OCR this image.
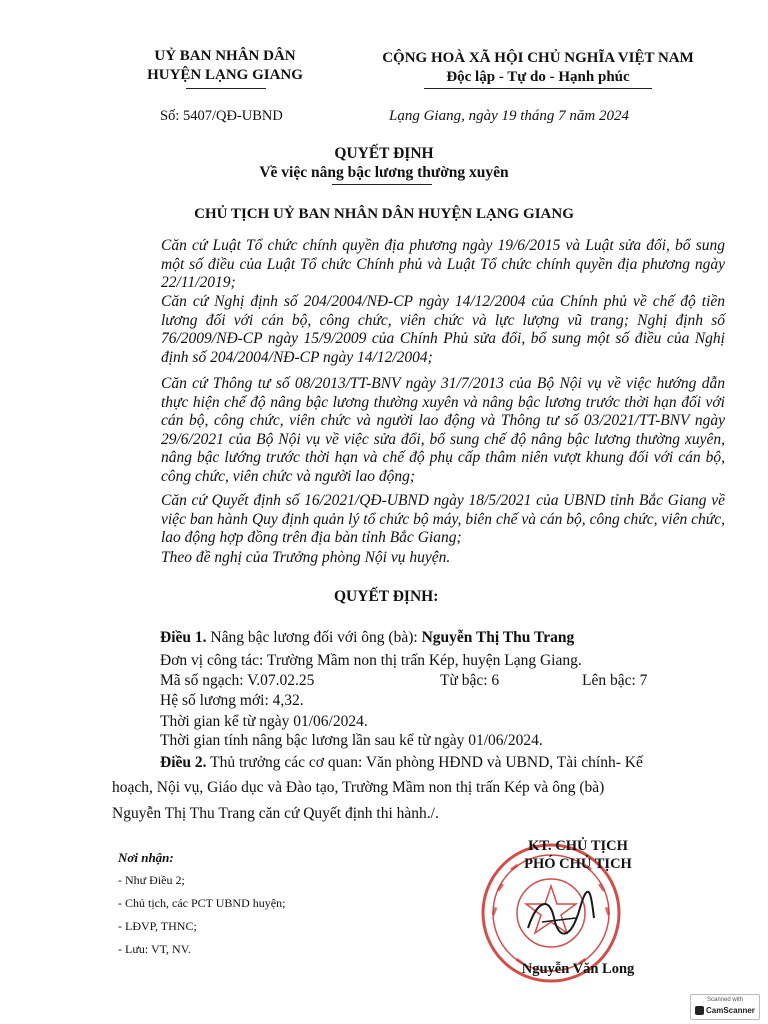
UỶ BAN NHÂN DÂN
HUYỆN LẠNG GIANG
CỘNG HOÀ XÃ HỘI CHỦ NGHĨA VIỆT NAM
Độc lập - Tự do - Hạnh phúc
Số: 5407/QĐ-UBND	Lạng Giang, ngày 19 tháng 7 năm 2024
QUYẾT ĐỊNH
Về việc nâng bậc lương thường xuyên
CHỦ TỊCH UỶ BAN NHÂN DÂN HUYỆN LẠNG GIANG
Căn cứ Luật Tổ chức chính quyền địa phương ngày 19/6/2015 và Luật sửa đổi, bổ sung một số điều của Luật Tổ chức Chính phủ và Luật Tổ chức chính quyền địa phương ngày 22/11/2019;
Căn cứ Nghị định số 204/2004/NĐ-CP ngày 14/12/2004 của Chính phủ về chế độ tiền lương đối với cán bộ, công chức, viên chức và lực lượng vũ trang; Nghị định số 76/2009/NĐ-CP ngày 15/9/2009 của Chính Phủ sửa đổi, bổ sung một số điều của Nghị định số 204/2004/NĐ-CP ngày 14/12/2004;
Căn cứ Thông tư số 08/2013/TT-BNV ngày 31/7/2013 của Bộ Nội vụ về việc hướng dẫn thực hiện chế độ nâng bậc lương thường xuyên và nâng bậc lương trước thời hạn đối với cán bộ, công chức, viên chức và người lao động và Thông tư số 03/2021/TT-BNV ngày 29/6/2021 của Bộ Nội vụ về việc sửa đổi, bổ sung chế độ nâng bậc lương thường xuyên, nâng bậc lướng trước thời hạn và chế độ phụ cấp thâm niên vượt khung đối với cán bộ, công chức, viên chức và người lao động;
Căn cứ Quyết định số 16/2021/QĐ-UBND ngày 18/5/2021 của UBND tỉnh Bắc Giang về việc ban hành Quy định quản lý tổ chức bộ máy, biên chế và cán bộ, công chức, viên chức, lao động hợp đồng trên địa bàn tỉnh Bắc Giang;
Theo đề nghị của Trưởng phòng Nội vụ huyện.
QUYẾT ĐỊNH:
Điều 1. Nâng bậc lương đối với ông (bà): Nguyễn Thị Thu Trang
Đơn vị công tác: Trường Mầm non thị trấn Kép, huyện Lạng Giang.
Mã số ngạch: V.07.02.25	Từ bậc: 6	Lên bậc: 7
Hệ số lương mới: 4,32.
Thời gian kể từ ngày 01/06/2024.
Thời gian tính nâng bậc lương lần sau kể từ ngày 01/06/2024.
Điều 2. Thủ trưởng các cơ quan: Văn phòng HĐND và UBND, Tài chính- Kế
hoạch, Nội vụ, Giáo dục và Đào tạo, Trường Mầm non thị trấn Kép và ông (bà)
Nguyễn Thị Thu Trang căn cứ Quyết định thi hành./.
Nơi nhận:
- Như Điều 2;
- Chủ tịch, các PCT UBND huyện;
- LĐVP, THNC;
- Lưu: VT, NV.
KT. CHỦ TỊCH
PHÓ CHỦ TỊCH
Nguyễn Văn Long
Scanned with
CamScanner
